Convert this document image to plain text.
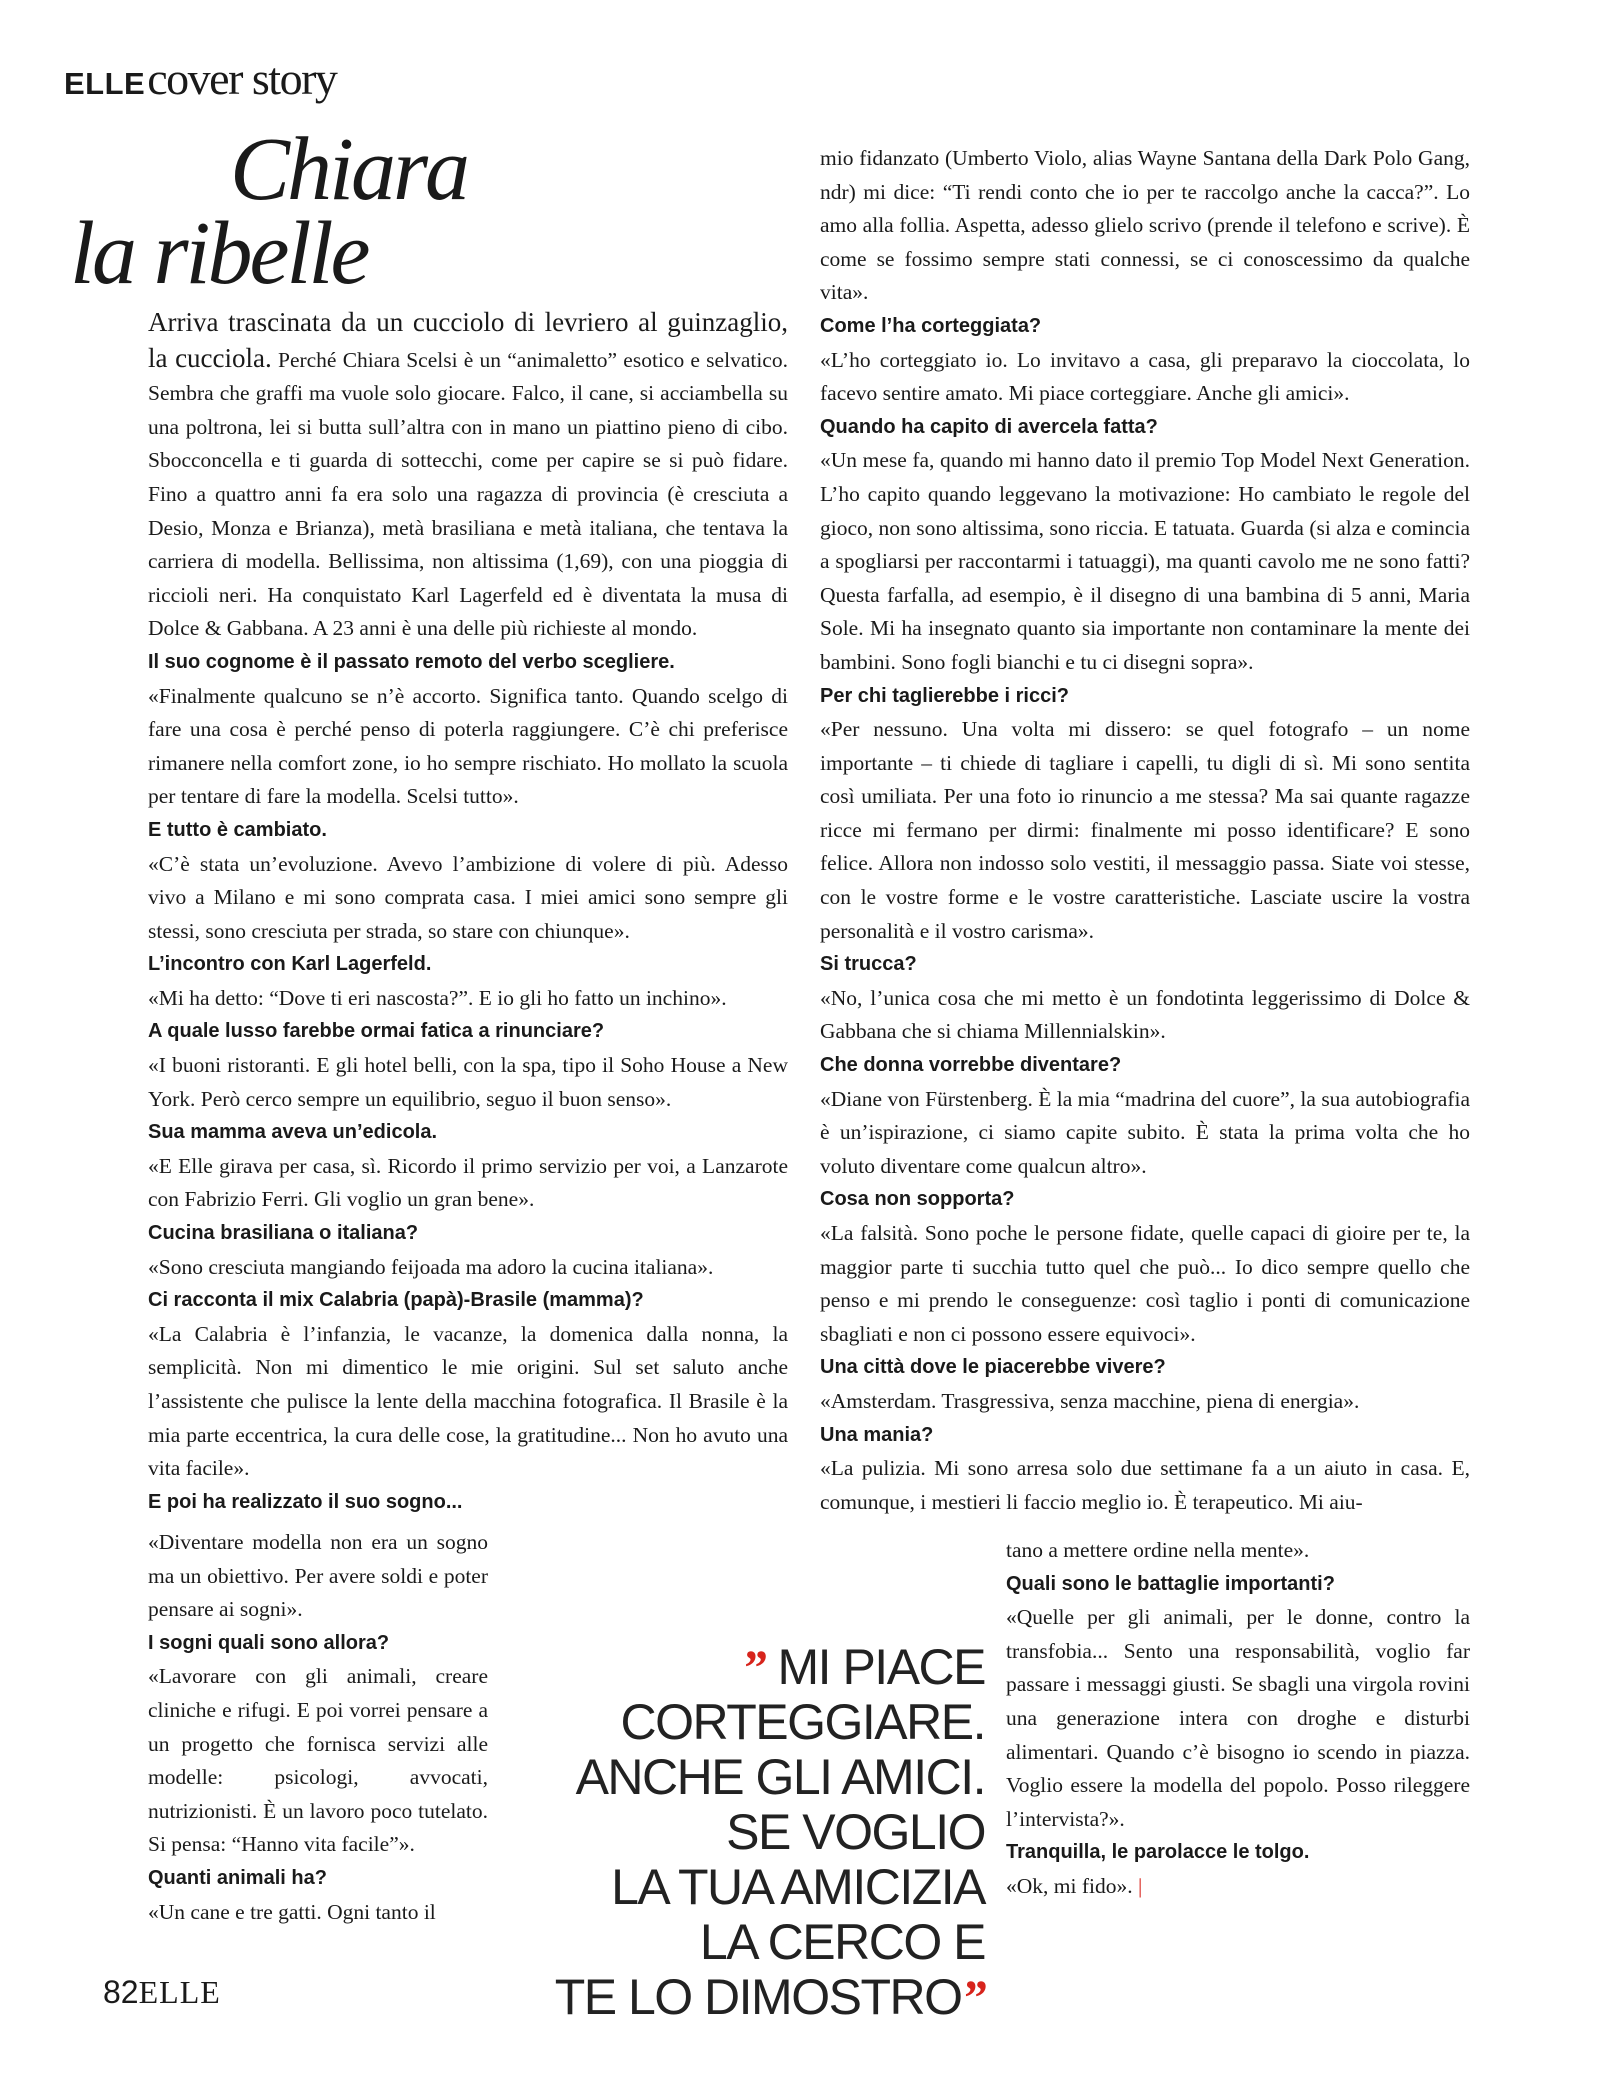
ELLEcover story
Chiara
la ribelle

Arriva trascinata da un cucciolo di levriero al guinzaglio, la cucciola. Perché Chiara Scelsi è un “animaletto” esotico e selvatico. Sembra che graffi ma vuole solo giocare. Falco, il cane, si acciambella su una poltrona, lei si butta sull’altra con in mano un piattino pieno di cibo. Sbocconcella e ti guarda di sottecchi, come per capire se si può fidare. Fino a quattro anni fa era solo una ragazza di provincia (è cresciuta a Desio, Monza e Brianza), metà brasiliana e metà italiana, che tentava la carriera di modella. Bellissima, non altissima (1,69), con una pioggia di riccioli neri. Ha conquistato Karl Lagerfeld ed è diventata la musa di Dolce & Gabbana. A 23 anni è una delle più richieste al mondo.

Il suo cognome è il passato remoto del verbo scegliere.

«Finalmente qualcuno se n’è accorto. Significa tanto. Quando scelgo di fare una cosa è perché penso di poterla raggiungere. C’è chi preferisce rimanere nella comfort zone, io ho sempre rischiato. Ho mollato la scuola per tentare di fare la modella. Scelsi tutto».

E tutto è cambiato.

«C’è stata un’evoluzione. Avevo l’ambizione di volere di più. Adesso vivo a Milano e mi sono comprata casa. I miei amici sono sempre gli stessi, sono cresciuta per strada, so stare con chiunque».

L’incontro con Karl Lagerfeld.

«Mi ha detto: “Dove ti eri nascosta?”. E io gli ho fatto un inchino».

A quale lusso farebbe ormai fatica a rinunciare?

«I buoni ristoranti. E gli hotel belli, con la spa, tipo il Soho House a New York. Però cerco sempre un equilibrio, seguo il buon senso».

Sua mamma aveva un’edicola.

«E Elle girava per casa, sì. Ricordo il primo servizio per voi, a Lanzarote con Fabrizio Ferri. Gli voglio un gran bene».

Cucina brasiliana o italiana?

«Sono cresciuta mangiando feijoada ma adoro la cucina italiana».

Ci racconta il mix Calabria (papà)-Brasile (mamma)?

«La Calabria è l’infanzia, le vacanze, la domenica dalla nonna, la semplicità. Non mi dimentico le mie origini. Sul set saluto anche l’assistente che pulisce la lente della macchina fotografica. Il Brasile è la mia parte eccentrica, la cura delle cose, la gratitudine... Non ho avuto una vita facile».

E poi ha realizzato il suo sogno...

mio fidanzato (Umberto Violo, alias Wayne Santana della Dark Polo Gang, ndr) mi dice: “Ti rendi conto che io per te raccolgo anche la cacca?”. Lo amo alla follia. Aspetta, adesso glielo scrivo (prende il telefono e scrive). È come se fossimo sempre stati connessi, se ci conoscessimo da qualche vita».

Come l’ha corteggiata?

«L’ho corteggiato io. Lo invitavo a casa, gli preparavo la cioccolata, lo facevo sentire amato. Mi piace corteggiare. Anche gli amici».

Quando ha capito di avercela fatta?

«Un mese fa, quando mi hanno dato il premio Top Model Next Generation. L’ho capito quando leggevano la motivazione: Ho cambiato le regole del gioco, non sono altissima, sono riccia. E tatuata. Guarda (si alza e comincia a spogliarsi per raccontarmi i tatuaggi), ma quanti cavolo me ne sono fatti? Questa farfalla, ad esempio, è il disegno di una bambina di 5 anni, Maria Sole. Mi ha insegnato quanto sia importante non contaminare la mente dei bambini. Sono fogli bianchi e tu ci disegni sopra».

Per chi taglierebbe i ricci?

«Per nessuno. Una volta mi dissero: se quel fotografo – un nome importante – ti chiede di tagliare i capelli, tu digli di sì. Mi sono sentita così umiliata. Per una foto io rinuncio a me stessa? Ma sai quante ragazze ricce mi fermano per dirmi: finalmente mi posso identificare? E sono felice. Allora non indosso solo vestiti, il messaggio passa. Siate voi stesse, con le vostre forme e le vostre caratteristiche. Lasciate uscire la vostra personalità e il vostro carisma».

Si trucca?

«No, l’unica cosa che mi metto è un fondotinta leggerissimo di Dolce & Gabbana che si chiama Millennialskin».

Che donna vorrebbe diventare?

«Diane von Fürstenberg. È la mia “madrina del cuore”, la sua autobiografia è un’ispirazione, ci siamo capite subito. È stata la prima volta che ho voluto diventare come qualcun altro».

Cosa non sopporta?

«La falsità. Sono poche le persone fidate, quelle capaci di gioire per te, la maggior parte ti succhia tutto quel che può... Io dico sempre quello che penso e mi prendo le conseguenze: così taglio i ponti di comunicazione sbagliati e non ci possono essere equivoci».

Una città dove le piacerebbe vivere?

«Amsterdam. Trasgressiva, senza macchine, piena di energia».

Una mania?

«La pulizia. Mi sono arresa solo due settimane fa a un aiuto in casa. E, comunque, i mestieri li faccio meglio io. È terapeutico. Mi aiu-

«Diventare modella non era un sogno ma un obiettivo. Per avere soldi e poter pensare ai sogni».

I sogni quali sono allora?

«Lavorare con gli animali, creare cliniche e rifugi. E poi vorrei pensare a un progetto che fornisca servizi alle modelle: psicologi, avvocati, nutrizionisti. È un lavoro poco tutelato. Si pensa: “Hanno vita facile”».

Quanti animali ha?

«Un cane e tre gatti. Ogni tanto il

tano a mettere ordine nella mente».

Quali sono le battaglie importanti?

«Quelle per gli animali, per le donne, contro la transfobia... Sento una responsabilità, voglio far passare i messaggi giusti. Se sbagli una virgola rovini una generazione intera con droghe e disturbi alimentari. Quando c’è bisogno io scendo in piazza. Voglio essere la modella del popolo. Posso rileggere l’intervista?».

Tranquilla, le parolacce le tolgo.

«Ok, mi fido». |

” MI PIACE
CORTEGGIARE.
ANCHE GLI AMICI.
SE VOGLIO
LA TUA AMICIZIA
LA CERCO E
TE LO DIMOSTRO”
82ELLE
